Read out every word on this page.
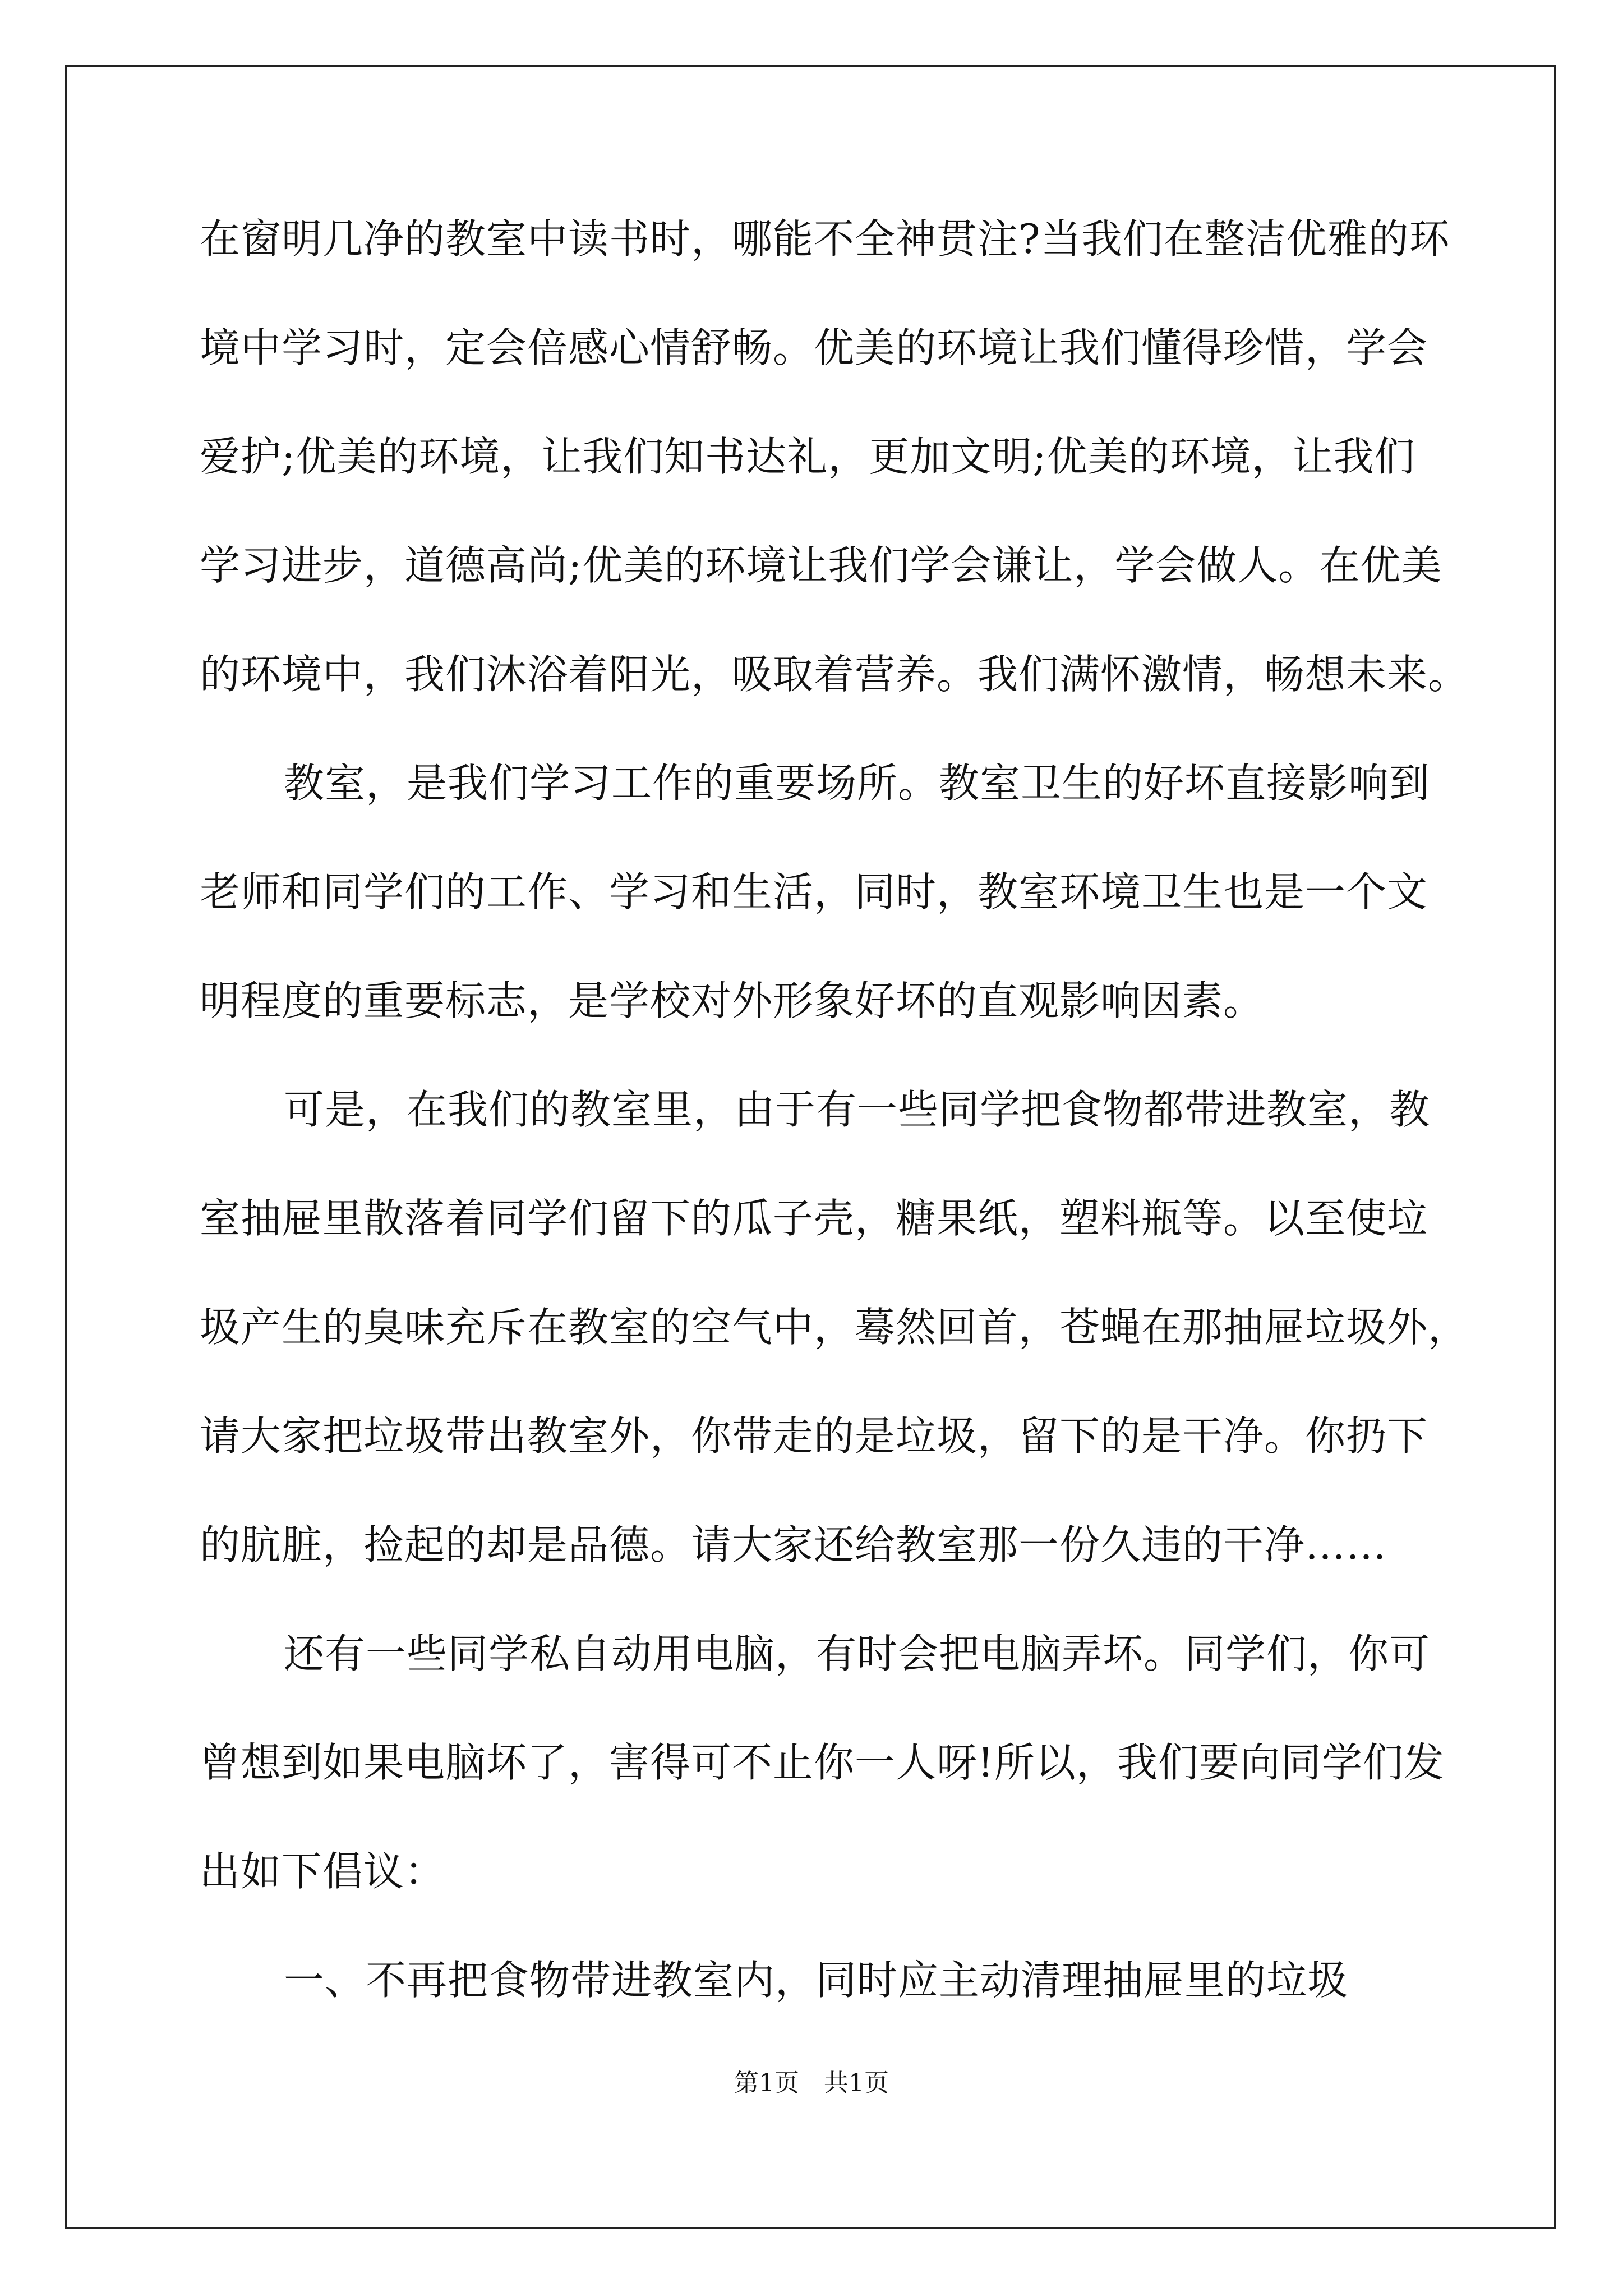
在窗明几净的教室中读书时，哪能不全神贯注?当我们在整洁优雅的环
境中学习时，定会倍感心情舒畅。优美的环境让我们懂得珍惜，学会
爱护;优美的环境，让我们知书达礼，更加文明;优美的环境，让我们
学习进步，道德高尚;优美的环境让我们学会谦让，学会做人。在优美
的环境中，我们沐浴着阳光，吸取着营养。我们满怀激情，畅想未来。
教室，是我们学习工作的重要场所。教室卫生的好坏直接影响到
老师和同学们的工作、学习和生活，同时，教室环境卫生也是一个文
明程度的重要标志，是学校对外形象好坏的直观影响因素。
可是，在我们的教室里，由于有一些同学把食物都带进教室，教
室抽屉里散落着同学们留下的瓜子壳，糖果纸，塑料瓶等。以至使垃
圾产生的臭味充斥在教室的空气中，蓦然回首，苍蝇在那抽屉垃圾外，
请大家把垃圾带出教室外，你带走的是垃圾，留下的是干净。你扔下
的肮脏，捡起的却是品德。请大家还给教室那一份久违的干净……
还有一些同学私自动用电脑，有时会把电脑弄坏。同学们，你可
曾想到如果电脑坏了，害得可不止你一人呀!所以，我们要向同学们发
出如下倡议：
一、不再把食物带进教室内，同时应主动清理抽屉里的垃圾
第1页 共1页
